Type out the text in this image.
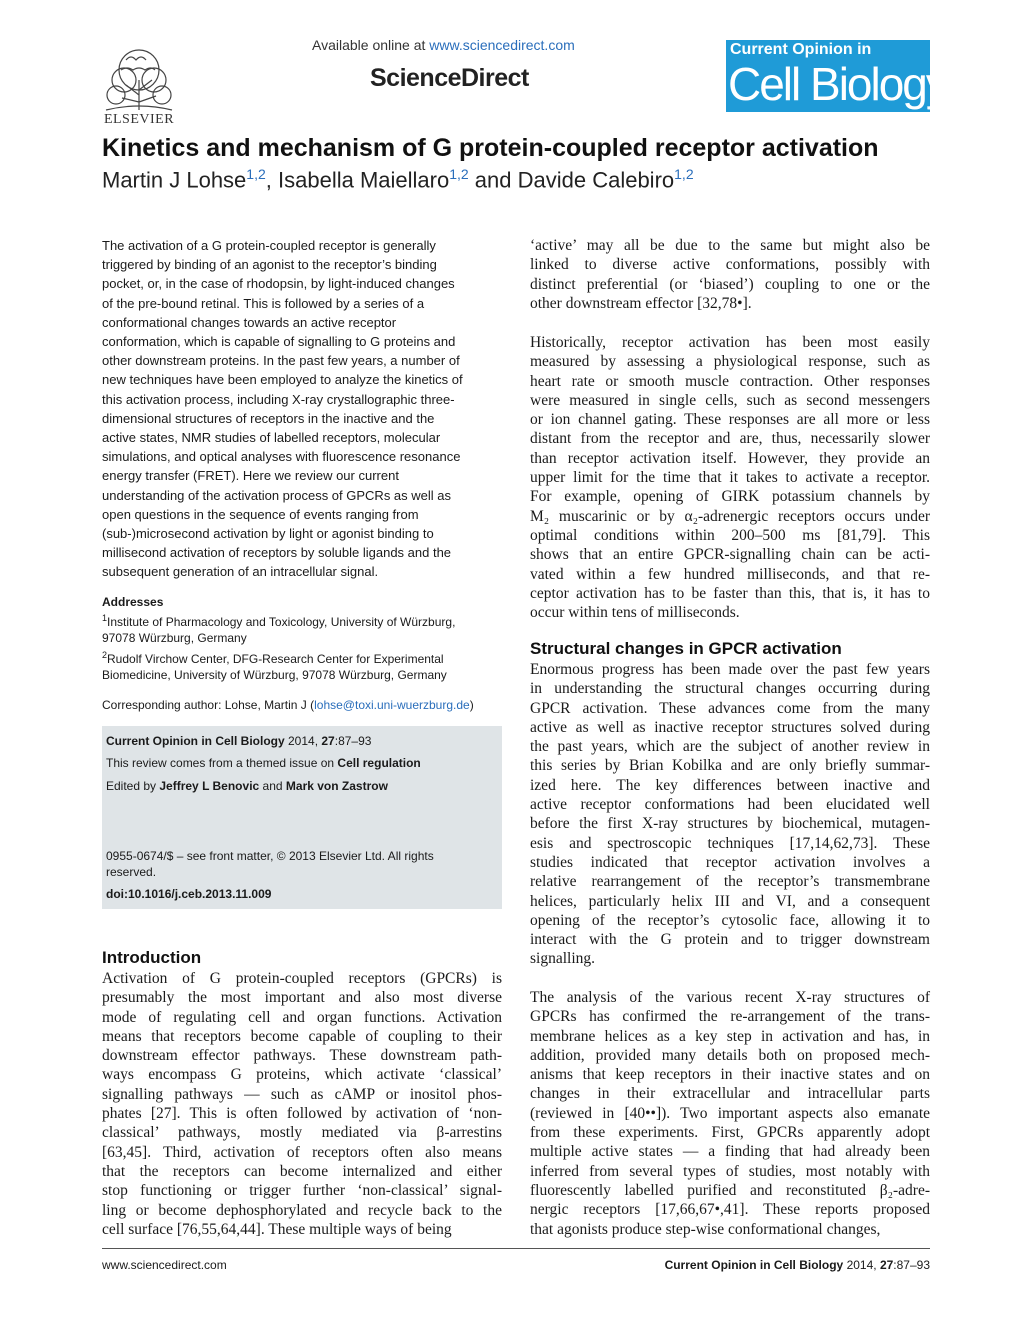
ELSEVIER
Available online at www.sciencedirect.com
ScienceDirect
Current Opinion in
Cell Biology
Kinetics and mechanism of G protein-coupled receptor activation
Martin J Lohse$^{1,2}$, Isabella Maiellaro$^{1,2}$ and Davide Calebiro$^{1,2}$
The activation of a G protein-coupled receptor is generally
triggered by binding of an agonist to the receptor’s binding
pocket, or, in the case of rhodopsin, by light-induced changes
of the pre-bound retinal. This is followed by a series of a
conformational changes towards an active receptor
conformation, which is capable of signalling to G proteins and
other downstream proteins. In the past few years, a number of
new techniques have been employed to analyze the kinetics of
this activation process, including X-ray crystallographic three-
dimensional structures of receptors in the inactive and the
active states, NMR studies of labelled receptors, molecular
simulations, and optical analyses with fluorescence resonance
energy transfer (FRET). Here we review our current
understanding of the activation process of GPCRs as well as
open questions in the sequence of events ranging from
(sub-)microsecond activation by light or agonist binding to
millisecond activation of receptors by soluble ligands and the
subsequent generation of an intracellular signal.
Addresses
$^1$Institute of Pharmacology and Toxicology, University of Würzburg,
97078 Würzburg, Germany
$^2$Rudolf Virchow Center, DFG-Research Center for Experimental
Biomedicine, University of Würzburg, 97078 Würzburg, Germany
Corresponding author: Lohse, Martin J (lohse@toxi.uni-wuerzburg.de)
Current Opinion in Cell Biology 2014, 27:87–93
This review comes from a themed issue on Cell regulation
Edited by Jeffrey L Benovic and Mark von Zastrow
0955-0674/$ – see front matter, © 2013 Elsevier Ltd. All rights
reserved.
doi:10.1016/j.ceb.2013.11.009
Introduction
Activation of G protein-coupled receptors (GPCRs) is
presumably the most important and also most diverse
mode of regulating cell and organ functions. Activation
means that receptors become capable of coupling to their
downstream effector pathways. These downstream path-
ways encompass G proteins, which activate ‘classical’
signalling pathways — such as cAMP or inositol phos-
phates [27]. This is often followed by activation of ‘non-
classical’ pathways, mostly mediated via β-arrestins
[63,45]. Third, activation of receptors often also means
that the receptors can become internalized and either
stop functioning or trigger further ‘non-classical’ signal-
ling or become dephosphorylated and recycle back to the
cell surface [76,55,64,44]. These multiple ways of being
‘active’ may all be due to the same but might also be
linked to diverse active conformations, possibly with
distinct preferential (or ‘biased’) coupling to one or the
other downstream effector [32,78•].
Historically, receptor activation has been most easily
measured by assessing a physiological response, such as
heart rate or smooth muscle contraction. Other responses
were measured in single cells, such as second messengers
or ion channel gating. These responses are all more or less
distant from the receptor and are, thus, necessarily slower
than receptor activation itself. However, they provide an
upper limit for the time that it takes to activate a receptor.
For example, opening of GIRK potassium channels by
M₂ muscarinic or by α₂-adrenergic receptors occurs under
optimal conditions within 200–500 ms [81,79]. This
shows that an entire GPCR-signalling chain can be acti-
vated within a few hundred milliseconds, and that re-
ceptor activation has to be faster than this, that is, it has to
occur within tens of milliseconds.
Structural changes in GPCR activation
Enormous progress has been made over the past few years
in understanding the structural changes occurring during
GPCR activation. These advances come from the many
active as well as inactive receptor structures solved during
the past years, which are the subject of another review in
this series by Brian Kobilka and are only briefly summar-
ized here. The key differences between inactive and
active receptor conformations had been elucidated well
before the first X-ray structures by biochemical, mutagen-
esis and spectroscopic techniques [17,14,62,73]. These
studies indicated that receptor activation involves a
relative rearrangement of the receptor’s transmembrane
helices, particularly helix III and VI, and a consequent
opening of the receptor’s cytosolic face, allowing it to
interact with the G protein and to trigger downstream
signalling.
The analysis of the various recent X-ray structures of
GPCRs has confirmed the re-arrangement of the trans-
membrane helices as a key step in activation and has, in
addition, provided many details both on proposed mech-
anisms that keep receptors in their inactive states and on
changes in their extracellular and intracellular parts
(reviewed in [40••]). Two important aspects also emanate
from these experiments. First, GPCRs apparently adopt
multiple active states — a finding that had already been
inferred from several types of studies, most notably with
fluorescently labelled purified and reconstituted β₂-adre-
nergic receptors [17,66,67•,41]. These reports proposed
that agonists produce step-wise conformational changes,
www.sciencedirect.com	Current Opinion in Cell Biology 2014, 27:87–93
